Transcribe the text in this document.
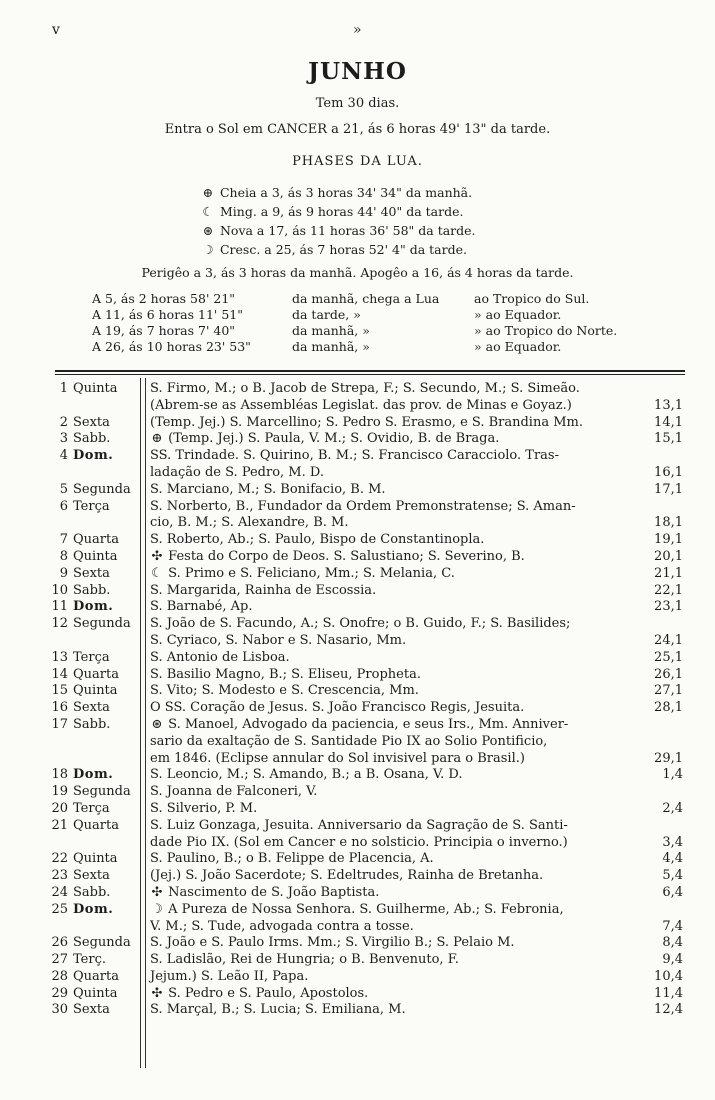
v	»
JUNHO
Tem 30 dias.
Entra o Sol em CANCER a 21, ás 6 horas 49' 13" da tarde.
PHASES DA LUA.
⊕ Cheia a 3, ás 3 horas 34' 34" da manhã.
☾ Ming. a 9, ás 9 horas 44' 40" da tarde.
⊛ Nova a 17, ás 11 horas 36' 58" da tarde.
☽ Cresc. a 25, ás 7 horas 52' 4" da tarde.
Perigêo a 3, ás 3 horas da manhã. Apogêo a 16, ás 4 horas da tarde.
A 5, ás 2 horas 58' 21"	da manhã, chega a Lua	ao Tropico do Sul.
A 11, ás 6 horas 11' 51"	da tarde, »	» ao Equador.
A 19, ás 7 horas 7' 40"	da manhã, »	» ao Tropico do Norte.
A 26, ás 10 horas 23' 53"	da manhã, »	» ao Equador.
1 Quinta S. Firmo, M.; o B. Jacob de Strepa, F.; S. Secundo, M.; S. Simeão.
(Abrem-se as Assembléas Legislat. das prov. de Minas e Goyaz.)	13,1
2 Sexta	(Temp. Jej.) S. Marcellino; S. Pedro S. Erasmo, e S. Brandina Mm.	14,1
3 Sabb.	⊕ (Temp. Jej.) S. Paula, V. M.; S. Ovidio, B. de Braga.	15,1
4 Dom.	SS. Trindade. S. Quirino, B. M.; S. Francisco Caracciolo. Tras-
ladação de S. Pedro, M. D.	16,1
5 Segunda S. Marciano, M.; S. Bonifacio, B. M.	17,1
6 Terça	S. Norberto, B., Fundador da Ordem Premonstratense; S. Aman-
cio, B. M.; S. Alexandre, B. M.	18,1
7 Quarta S. Roberto, Ab.; S. Paulo, Bispo de Constantinopla.	19,1
8 Quinta	✣ Festa do Corpo de Deos. S. Salustiano; S. Severino, B.	20,1
9 Sexta	☾ S. Primo e S. Feliciano, Mm.; S. Melania, C.	21,1
10 Sabb.	S. Margarida, Rainha de Escossia.	22,1
11 Dom.	S. Barnabé, Ap.	23,1
12 Segunda S. João de S. Facundo, A.; S. Onofre; o B. Guido, F.; S. Basilides;
S. Cyriaco, S. Nabor e S. Nasario, Mm.	24,1
13 Terça	S. Antonio de Lisboa.	25,1
14 Quarta S. Basilio Magno, B.; S. Eliseu, Propheta.	26,1
15 Quinta S. Vito; S. Modesto e S. Crescencia, Mm.	27,1
16 Sexta	O SS. Coração de Jesus. S. João Francisco Regis, Jesuita.	28,1
17 Sabb.	⊛ S. Manoel, Advogado da paciencia, e seus Irs., Mm. Anniver-
sario da exaltação de S. Santidade Pio IX ao Solio Pontificio,
em 1846. (Eclipse annular do Sol invisivel para o Brasil.)	29,1
18 Dom.	S. Leoncio, M.; S. Amando, B.; a B. Osana, V. D.	1,4
19 Segunda S. Joanna de Falconeri, V.
20 Terça	S. Silverio, P. M.	2,4
21 Quarta S. Luiz Gonzaga, Jesuita. Anniversario da Sagração de S. Santi-
dade Pio IX. (Sol em Cancer e no solsticio. Principia o inverno.)	3,4
22 Quinta S. Paulino, B.; o B. Felippe de Placencia, A.	4,4
23 Sexta	(Jej.) S. João Sacerdote; S. Edeltrudes, Rainha de Bretanha.	5,4
24 Sabb.	✣ Nascimento de S. João Baptista.	6,4
25 Dom.	☽ A Pureza de Nossa Senhora. S. Guilherme, Ab.; S. Febronia,
V. M.; S. Tude, advogada contra a tosse.	7,4
26 Segunda S. João e S. Paulo Irms. Mm.; S. Virgilio B.; S. Pelaio M.	8,4
27 Terç.	S. Ladislão, Rei de Hungria; o B. Benvenuto, F.	9,4
28 Quarta Jejum.) S. Leão II, Papa.	10,4
29 Quinta	✣ S. Pedro e S. Paulo, Apostolos.	11,4
30 Sexta	S. Marçal, B.; S. Lucia; S. Emiliana, M.	12,4
